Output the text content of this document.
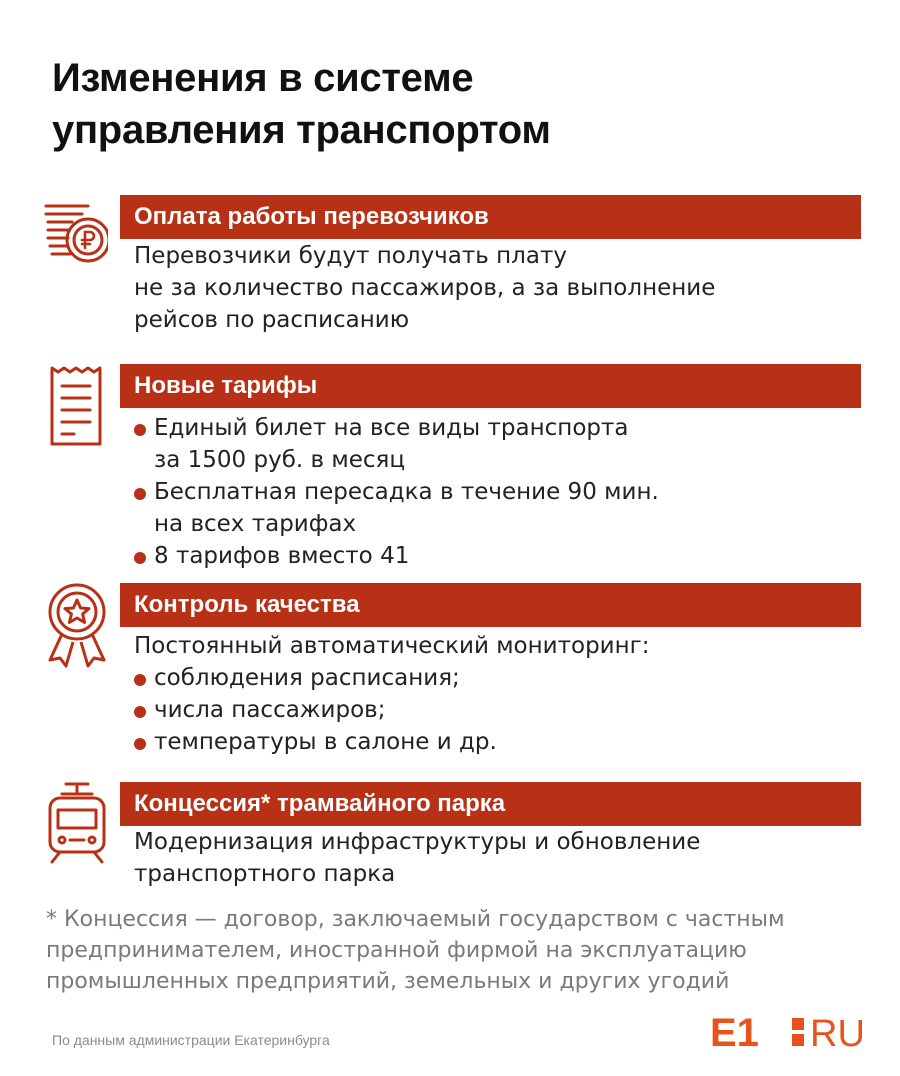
Изменения в системе
управления транспортом
Оплата работы перевозчиков

Перевозчики будут получать плату
не за количество пассажиров, а за выполнение
рейсов по расписанию

Новые тарифы
Единый билет на все виды транспорта
за 1500 руб. в месяц
Бесплатная пересадка в течение 90 мин.
на всех тарифах
8 тарифов вместо 41
Контроль качества
Постоянный автоматический мониторинг:
соблюдения расписания;
числа пассажиров;
температуры в салоне и др.
Концессия* трамвайного парка

Модернизация инфраструктуры и обновление
транспортного парка

* Концессия — договор, заключаемый государством с частным
предпринимателем, иностранной фирмой на эксплуатацию
промышленных предприятий, земельных и других угодий

По данным администрации Екатеринбурга	E1 RU
